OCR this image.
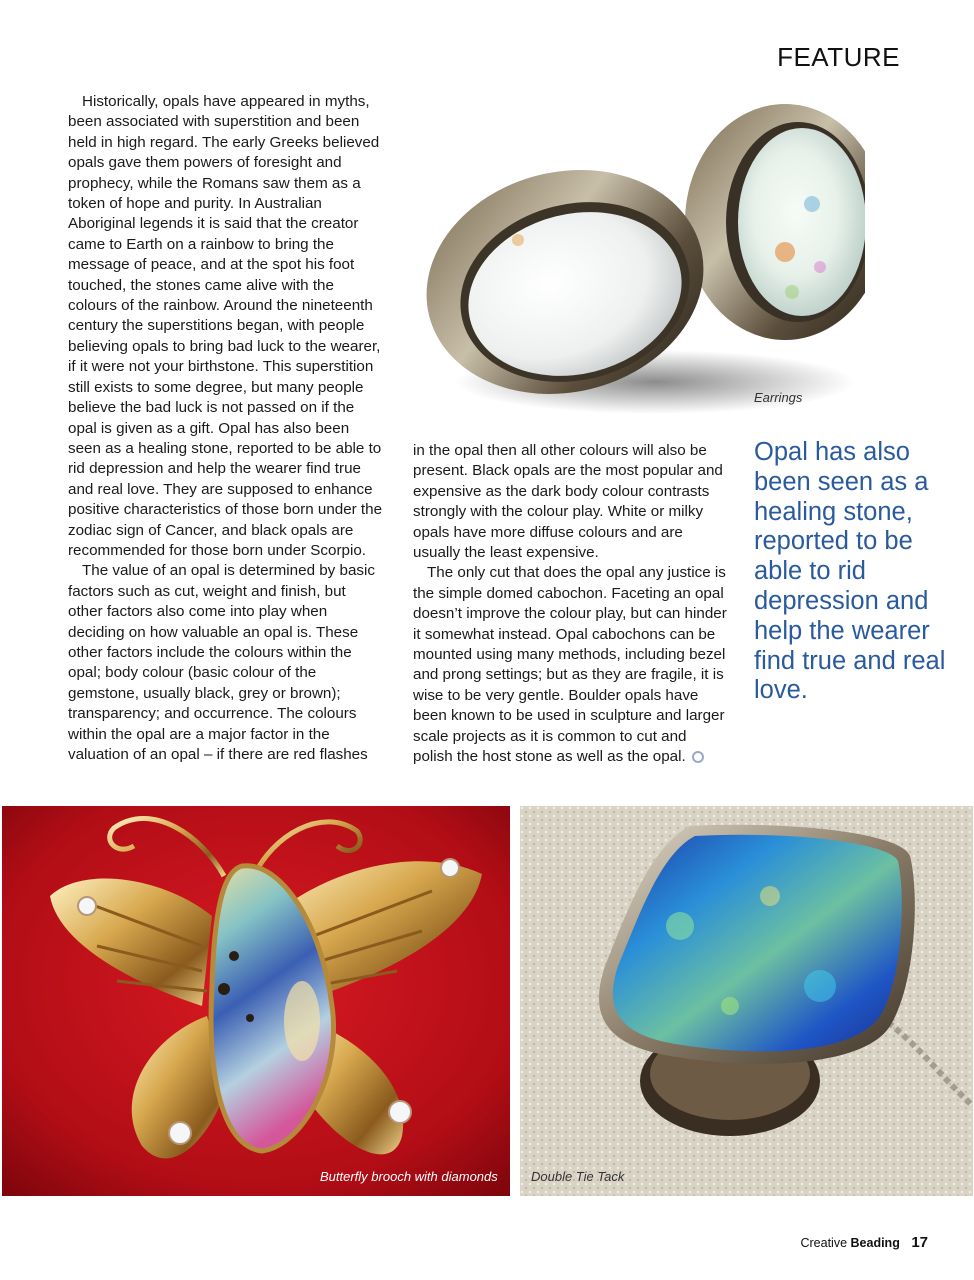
FEATURE
Earrings

Historically, opals have appeared in myths, been associated with superstition and been held in high regard. The early Greeks believed opals gave them powers of foresight and prophecy, while the Romans saw them as a token of hope and purity. In Australian Aboriginal legends it is said that the creator came to Earth on a rainbow to bring the message of peace, and at the spot his foot touched, the stones came alive with the colours of the rainbow. Around the nineteenth century the superstitions began, with people believing opals to bring bad luck to the wearer, if it were not your birthstone. This superstition still exists to some degree, but many people believe the bad luck is not passed on if the opal is given as a gift. Opal has also been seen as a healing stone, reported to be able to rid depression and help the wearer find true and real love. They are supposed to enhance positive characteristics of those born under the zodiac sign of Cancer, and black opals are recommended for those born under Scorpio.

The value of an opal is determined by basic factors such as cut, weight and finish, but other factors also come into play when deciding on how valuable an opal is. These other factors include the colours within the opal; body colour (basic colour of the gemstone, usually black, grey or brown); transparency; and occurrence. The colours within the opal are a major factor in the valuation of an opal – if there are red flashes

in the opal then all other colours will also be present. Black opals are the most popular and expensive as the dark body colour contrasts strongly with the colour play. White or milky opals have more diffuse colours and are usually the least expensive.

The only cut that does the opal any justice is the simple domed cabochon. Faceting an opal doesn’t improve the colour play, but can hinder it somewhat instead. Opal cabochons can be mounted using many methods, including bezel and prong settings; but as they are fragile, it is wise to be very gentle. Boulder opals have been known to be used in sculpture and larger scale projects as it is common to cut and polish the host stone as well as the opal.

Opal has also been seen as a healing stone, reported to be able to rid depression and help the wearer find true and real love.
Butterfly brooch with diamonds	Double Tie Tack
Creative Beading 17
